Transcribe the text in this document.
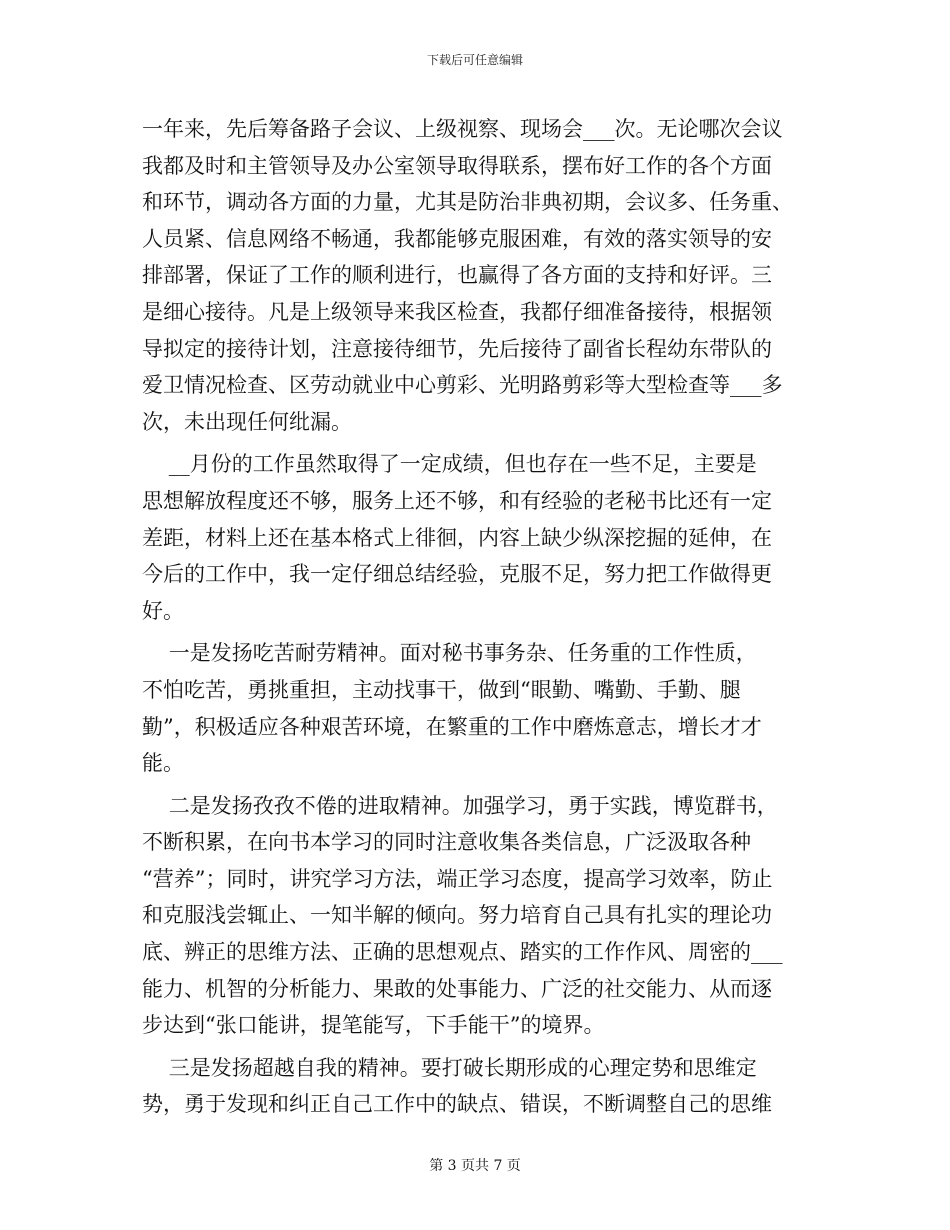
下载后可任意编辑
一年来，先后筹备路子会议、上级视察、现场会___次。无论哪次会议
我都及时和主管领导及办公室领导取得联系，摆布好工作的各个方面
和环节，调动各方面的力量，尤其是防治非典初期，会议多、任务重、
人员紧、信息网络不畅通，我都能够克服困难，有效的落实领导的安
排部署，保证了工作的顺利进行，也赢得了各方面的支持和好评。三
是细心接待。凡是上级领导来我区检查，我都仔细准备接待，根据领
导拟定的接待计划，注意接待细节，先后接待了副省长程幼东带队的
爱卫情况检查、区劳动就业中心剪彩、光明路剪彩等大型检查等___多
次，未出现任何纰漏。
__月份的工作虽然取得了一定成绩，但也存在一些不足，主要是
思想解放程度还不够，服务上还不够，和有经验的老秘书比还有一定
差距，材料上还在基本格式上徘徊，内容上缺少纵深挖掘的延伸，在
今后的工作中，我一定仔细总结经验，克服不足，努力把工作做得更
好。
一是发扬吃苦耐劳精神。面对秘书事务杂、任务重的工作性质，
不怕吃苦，勇挑重担，主动找事干，做到“眼勤、嘴勤、手勤、腿
勤”，积极适应各种艰苦环境，在繁重的工作中磨炼意志，增长才才
能。
二是发扬孜孜不倦的进取精神。加强学习，勇于实践，博览群书，
不断积累，在向书本学习的同时注意收集各类信息，广泛汲取各种
“营养”；同时，讲究学习方法，端正学习态度，提高学习效率，防止
和克服浅尝辄止、一知半解的倾向。努力培育自己具有扎实的理论功
底、辨正的思维方法、正确的思想观点、踏实的工作作风、周密的___
能力、机智的分析能力、果敢的处事能力、广泛的社交能力、从而逐
步达到“张口能讲，提笔能写，下手能干”的境界。
三是发扬超越自我的精神。要打破长期形成的心理定势和思维定
势，勇于发现和纠正自己工作中的缺点、错误，不断调整自己的思维
第 3 页共 7 页
